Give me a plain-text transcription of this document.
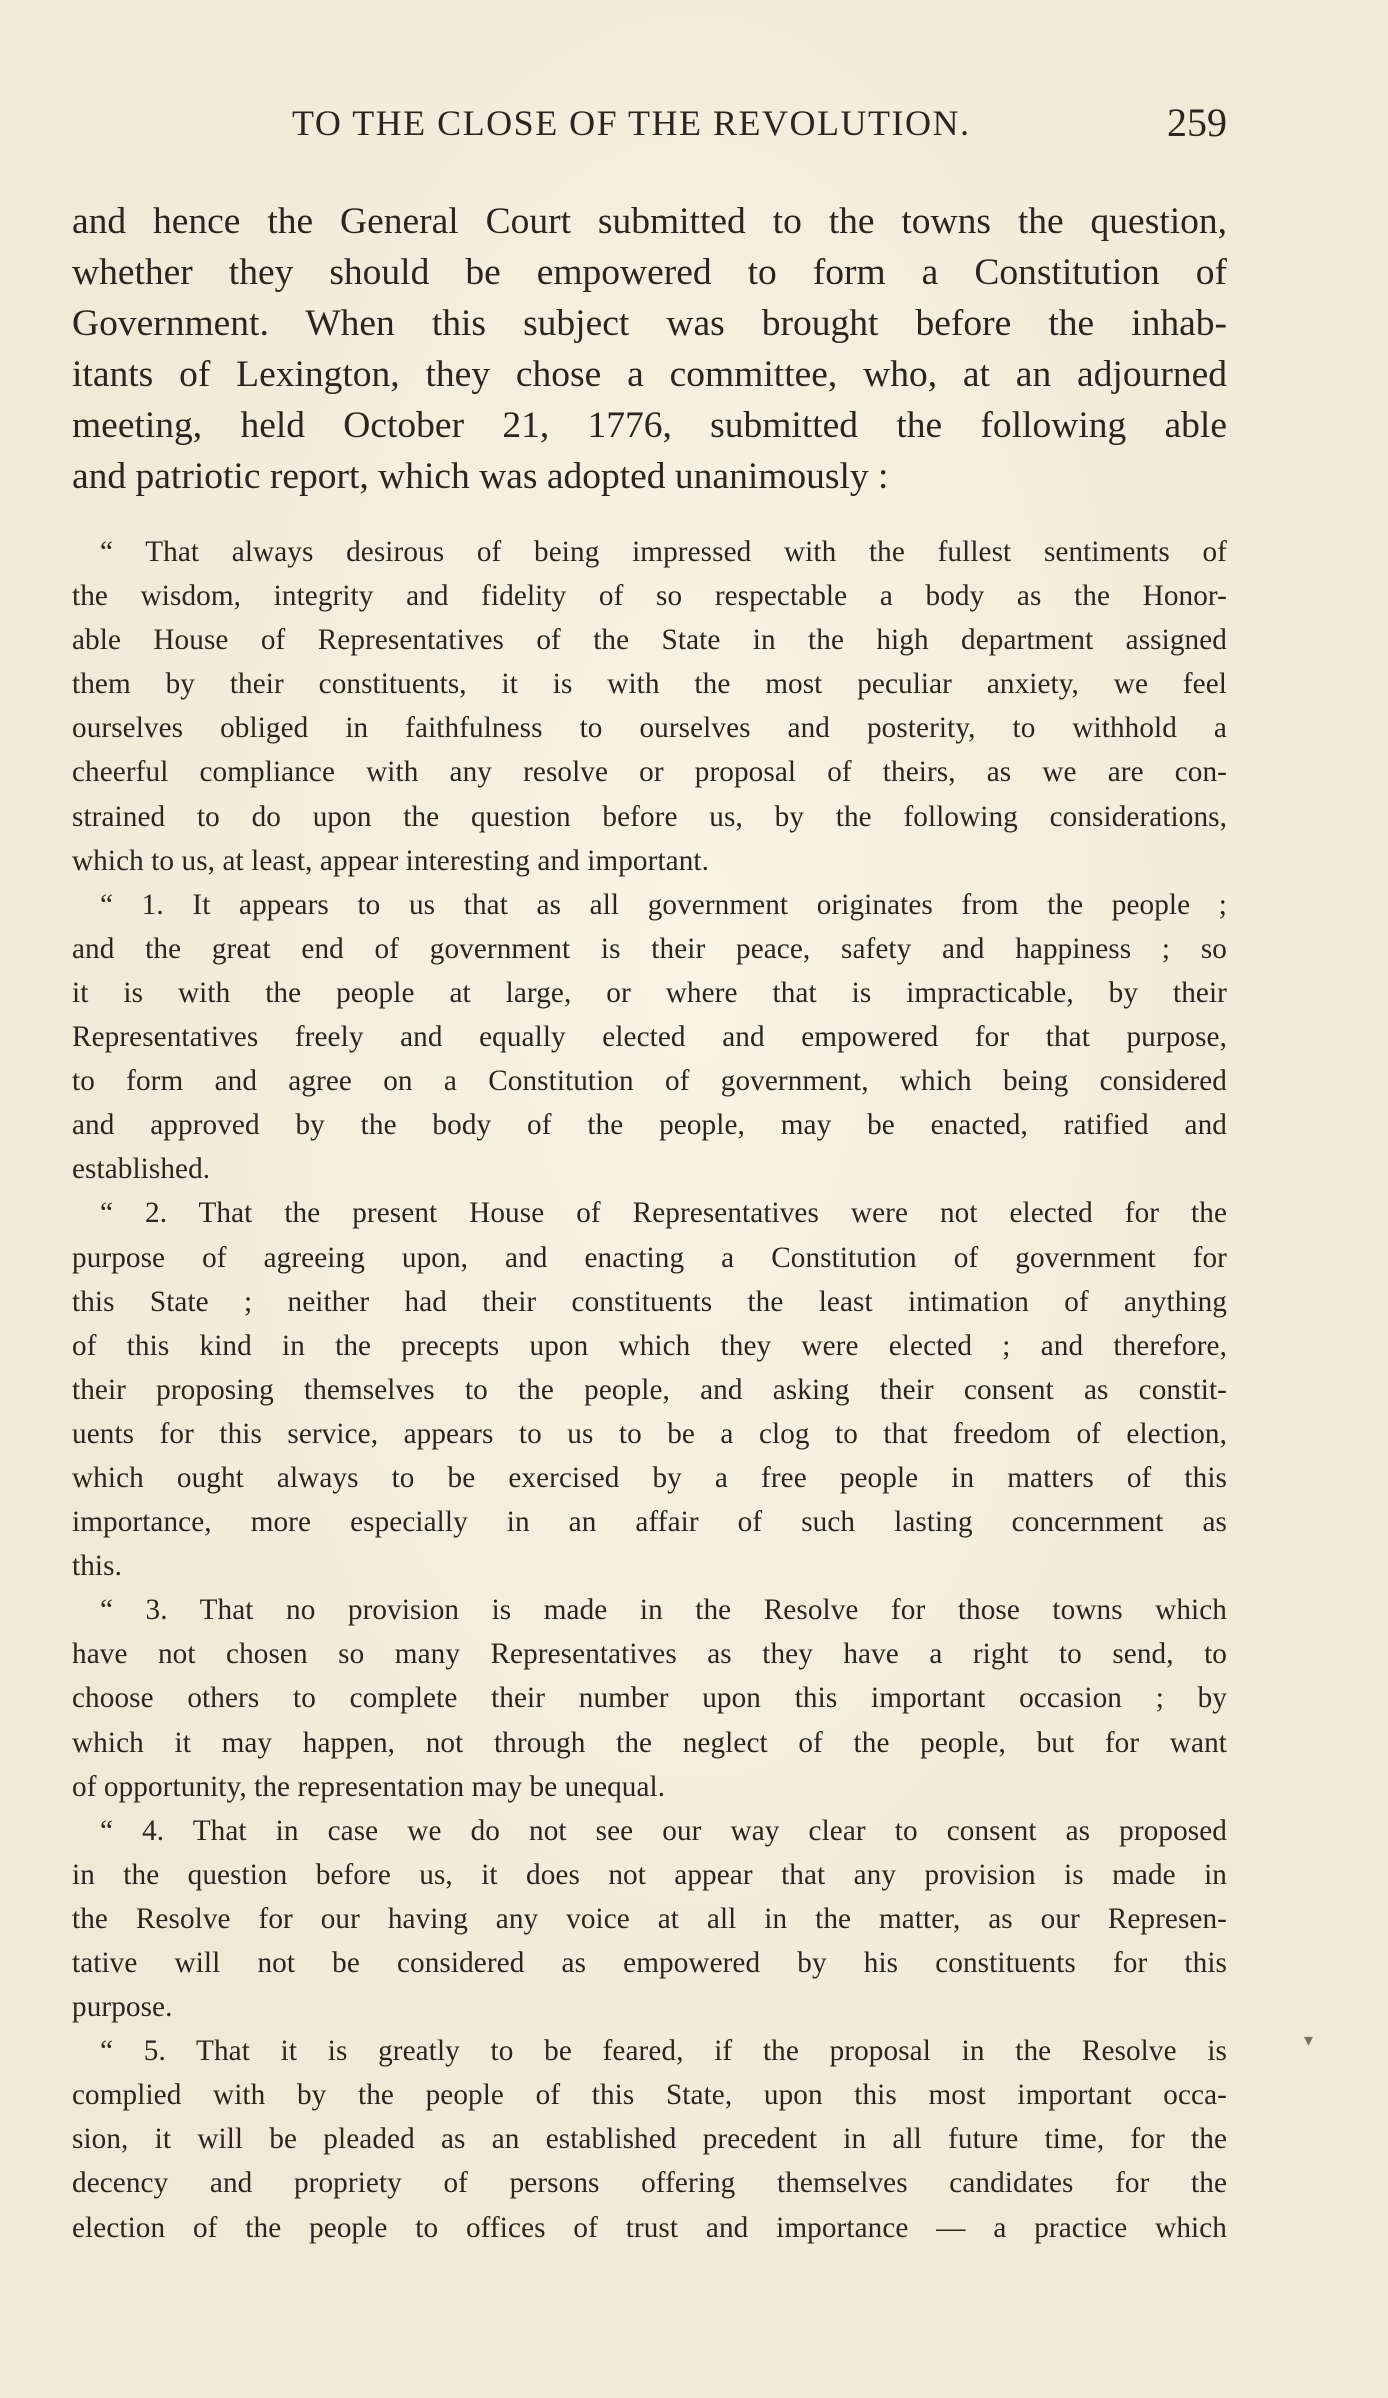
TO THE CLOSE OF THE REVOLUTION.	259
and hence the General Court submitted to the towns the question,
whether they should be empowered to form a Constitution of
Government. When this subject was brought before the inhab-
itants of Lexington, they chose a committee, who, at an adjourned
meeting, held October 21, 1776, submitted the following able
and patriotic report, which was adopted unanimously :
“ That always desirous of being impressed with the fullest sentiments of
the wisdom, integrity and fidelity of so respectable a body as the Honor-
able House of Representatives of the State in the high department assigned
them by their constituents, it is with the most peculiar anxiety, we feel
ourselves obliged in faithfulness to ourselves and posterity, to withhold a
cheerful compliance with any resolve or proposal of theirs, as we are con-
strained to do upon the question before us, by the following considerations,
which to us, at least, appear interesting and important.
“ 1. It appears to us that as all government originates from the people ;
and the great end of government is their peace, safety and happiness ; so
it is with the people at large, or where that is impracticable, by their
Representatives freely and equally elected and empowered for that purpose,
to form and agree on a Constitution of government, which being considered
and approved by the body of the people, may be enacted, ratified and
established.
“ 2. That the present House of Representatives were not elected for the
purpose of agreeing upon, and enacting a Constitution of government for
this State ; neither had their constituents the least intimation of anything
of this kind in the precepts upon which they were elected ; and therefore,
their proposing themselves to the people, and asking their consent as constit-
uents for this service, appears to us to be a clog to that freedom of election,
which ought always to be exercised by a free people in matters of this
importance, more especially in an affair of such lasting concernment as
this.
“ 3. That no provision is made in the Resolve for those towns which
have not chosen so many Representatives as they have a right to send, to
choose others to complete their number upon this important occasion ; by
which it may happen, not through the neglect of the people, but for want
of opportunity, the representation may be unequal.
“ 4. That in case we do not see our way clear to consent as proposed
in the question before us, it does not appear that any provision is made in
the Resolve for our having any voice at all in the matter, as our Represen-
tative will not be considered as empowered by his constituents for this
purpose.
“ 5. That it is greatly to be feared, if the proposal in the Resolve is
complied with by the people of this State, upon this most important occa-
sion, it will be pleaded as an established precedent in all future time, for the
decency and propriety of persons offering themselves candidates for the
election of the people to offices of trust and importance — a practice which
▾
